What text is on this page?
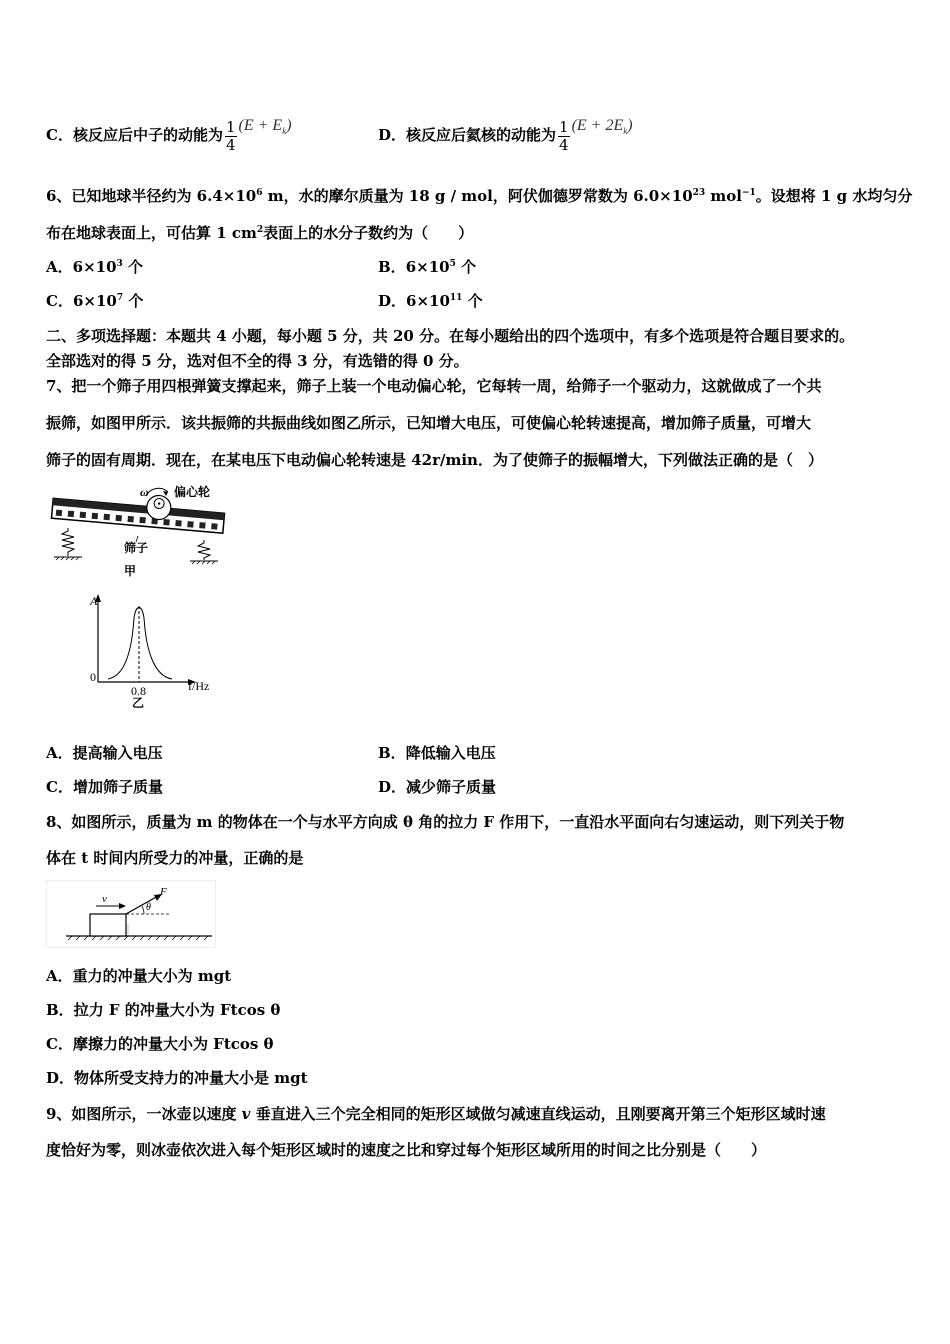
C．核反应后中子的动能为 $\frac{1}{4} (E + E_k)$
D．核反应后氦核的动能为 $\frac{1}{4} (E + 2E_k)$
6、已知地球半径约为 $6.4\times 10^6$ m，水的摩尔质量为 18 g / mol，阿伏伽德罗常数为 $6.0\times 10^{23}$ mol$^{-1}$。设想将 1 g 水均匀分
布在地球表面上，可估算 1 $cm^2$表面上的水分子数约为（　　）
A．$6\times 10^3$ 个	B．$6\times 10^5$ 个
C．$6\times 10^7$ 个	D．$6\times 10^{11}$ 个
二、多项选择题：本题共 4 小题，每小题 5 分，共 20 分。在每小题给出的四个选项中，有多个选项是符合题目要求的。
全部选对的得 5 分，选对但不全的得 3 分，有选错的得 0 分。
7、把一个筛子用四根弹簧支撑起来，筛子上装一个电动偏心轮，它每转一周，给筛子一个驱动力，这就做成了一个共
振筛，如图甲所示．该共振筛的共振曲线如图乙所示，已知增大电压，可使偏心轮转速提高，增加筛子质量，可增大
筛子的固有周期．现在，在某电压下电动偏心轮转速是 42r/min．为了使筛子的振幅增大，下列做法正确的是（　）
ω 偏心轮
筛子
甲
A
0
0.8	f/Hz
乙
A．提高输入电压	B．降低输入电压
C．增加筛子质量	D．减少筛子质量
8、如图所示，质量为 m 的物体在一个与水平方向成 θ 角的拉力 F 作用下，一直沿水平面向右匀速运动，则下列关于物
体在 t 时间内所受力的冲量，正确的是
v
F
θ
A．重力的冲量大小为 mgt
B．拉力 F 的冲量大小为 Ftcos θ
C．摩擦力的冲量大小为 Ftcos θ
D．物体所受支持力的冲量大小是 mgt
9、如图所示，一冰壶以速度 v 垂直进入三个完全相同的矩形区域做匀减速直线运动，且刚要离开第三个矩形区域时速
度恰好为零，则冰壶依次进入每个矩形区域时的速度之比和穿过每个矩形区域所用的时间之比分别是（　　）
